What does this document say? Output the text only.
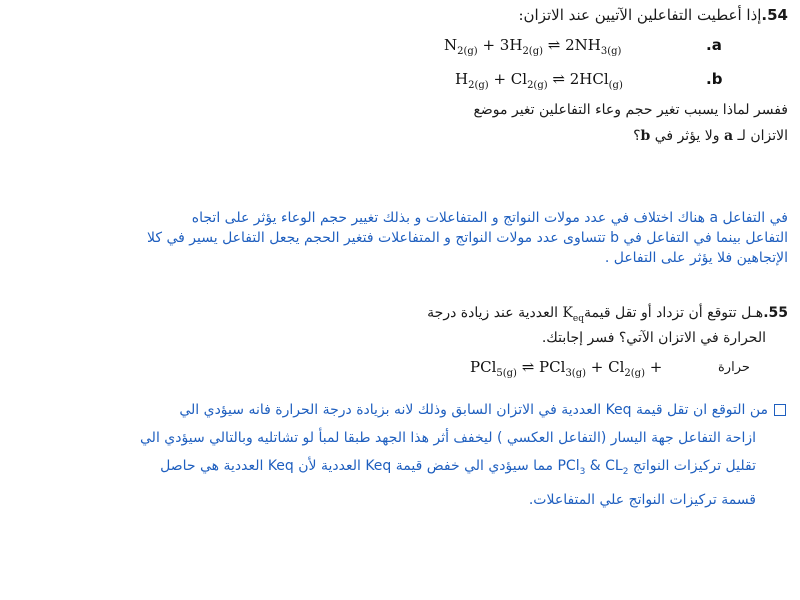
54.إذا أعطيت التفاعلين الآتيين عند الاتزان:
$N_{2(g)} + 3H_{2(g)}$ ⇌ $2NH_{3(g)}$	.a
$H_{2(g)} + Cl_{2(g)}$ ⇌ 2HCl$_{(g)}$	.b
ففسر لماذا يسبب تغير حجم وعاء التفاعلين تغير موضع
الاتزان لـ a ولا يؤثر في b؟
في التفاعل a هناك اختلاف في عدد مولات النواتج و المتفاعلات و بذلك تغيير حجم الوعاء يؤثر على اتجاه
التفاعل بينما في التفاعل في b تتساوى عدد مولات النواتج و المتفاعلات فتغير الحجم يجعل التفاعل يسير في كلا
الإتجاهين فلا يؤثر على التفاعل .
55.هـل تتوقع أن تزداد أو تقل قيمةK$_{eq}$ العددية عند زيادة درجة
الحرارة في الاتزان الآتي؟ فسر إجابتك.
PCl$_{5(g)}$ ⇌ $PCl_{3(g)} + Cl_{2(g)}$ +	حرارة
من التوقع ان تقل قيمة Keq العددية في الاتزان السابق وذلك لانه بزيادة درجة الحرارة فانه سيؤدي الي
ازاحة التفاعل جهة اليسار (التفاعل العكسي ) ليخفف أثر هذا الجهد طبقا لمبأ لو تشاتليه وبالتالي سيؤدي الي
تقليل تركيزات النواتج PCl$_3$ & $CL_2$ مما سيؤدي الي خفض قيمة Keq العددية لأن Keq العددية هي حاصل
قسمة تركيزات النواتج علي المتفاعلات.
